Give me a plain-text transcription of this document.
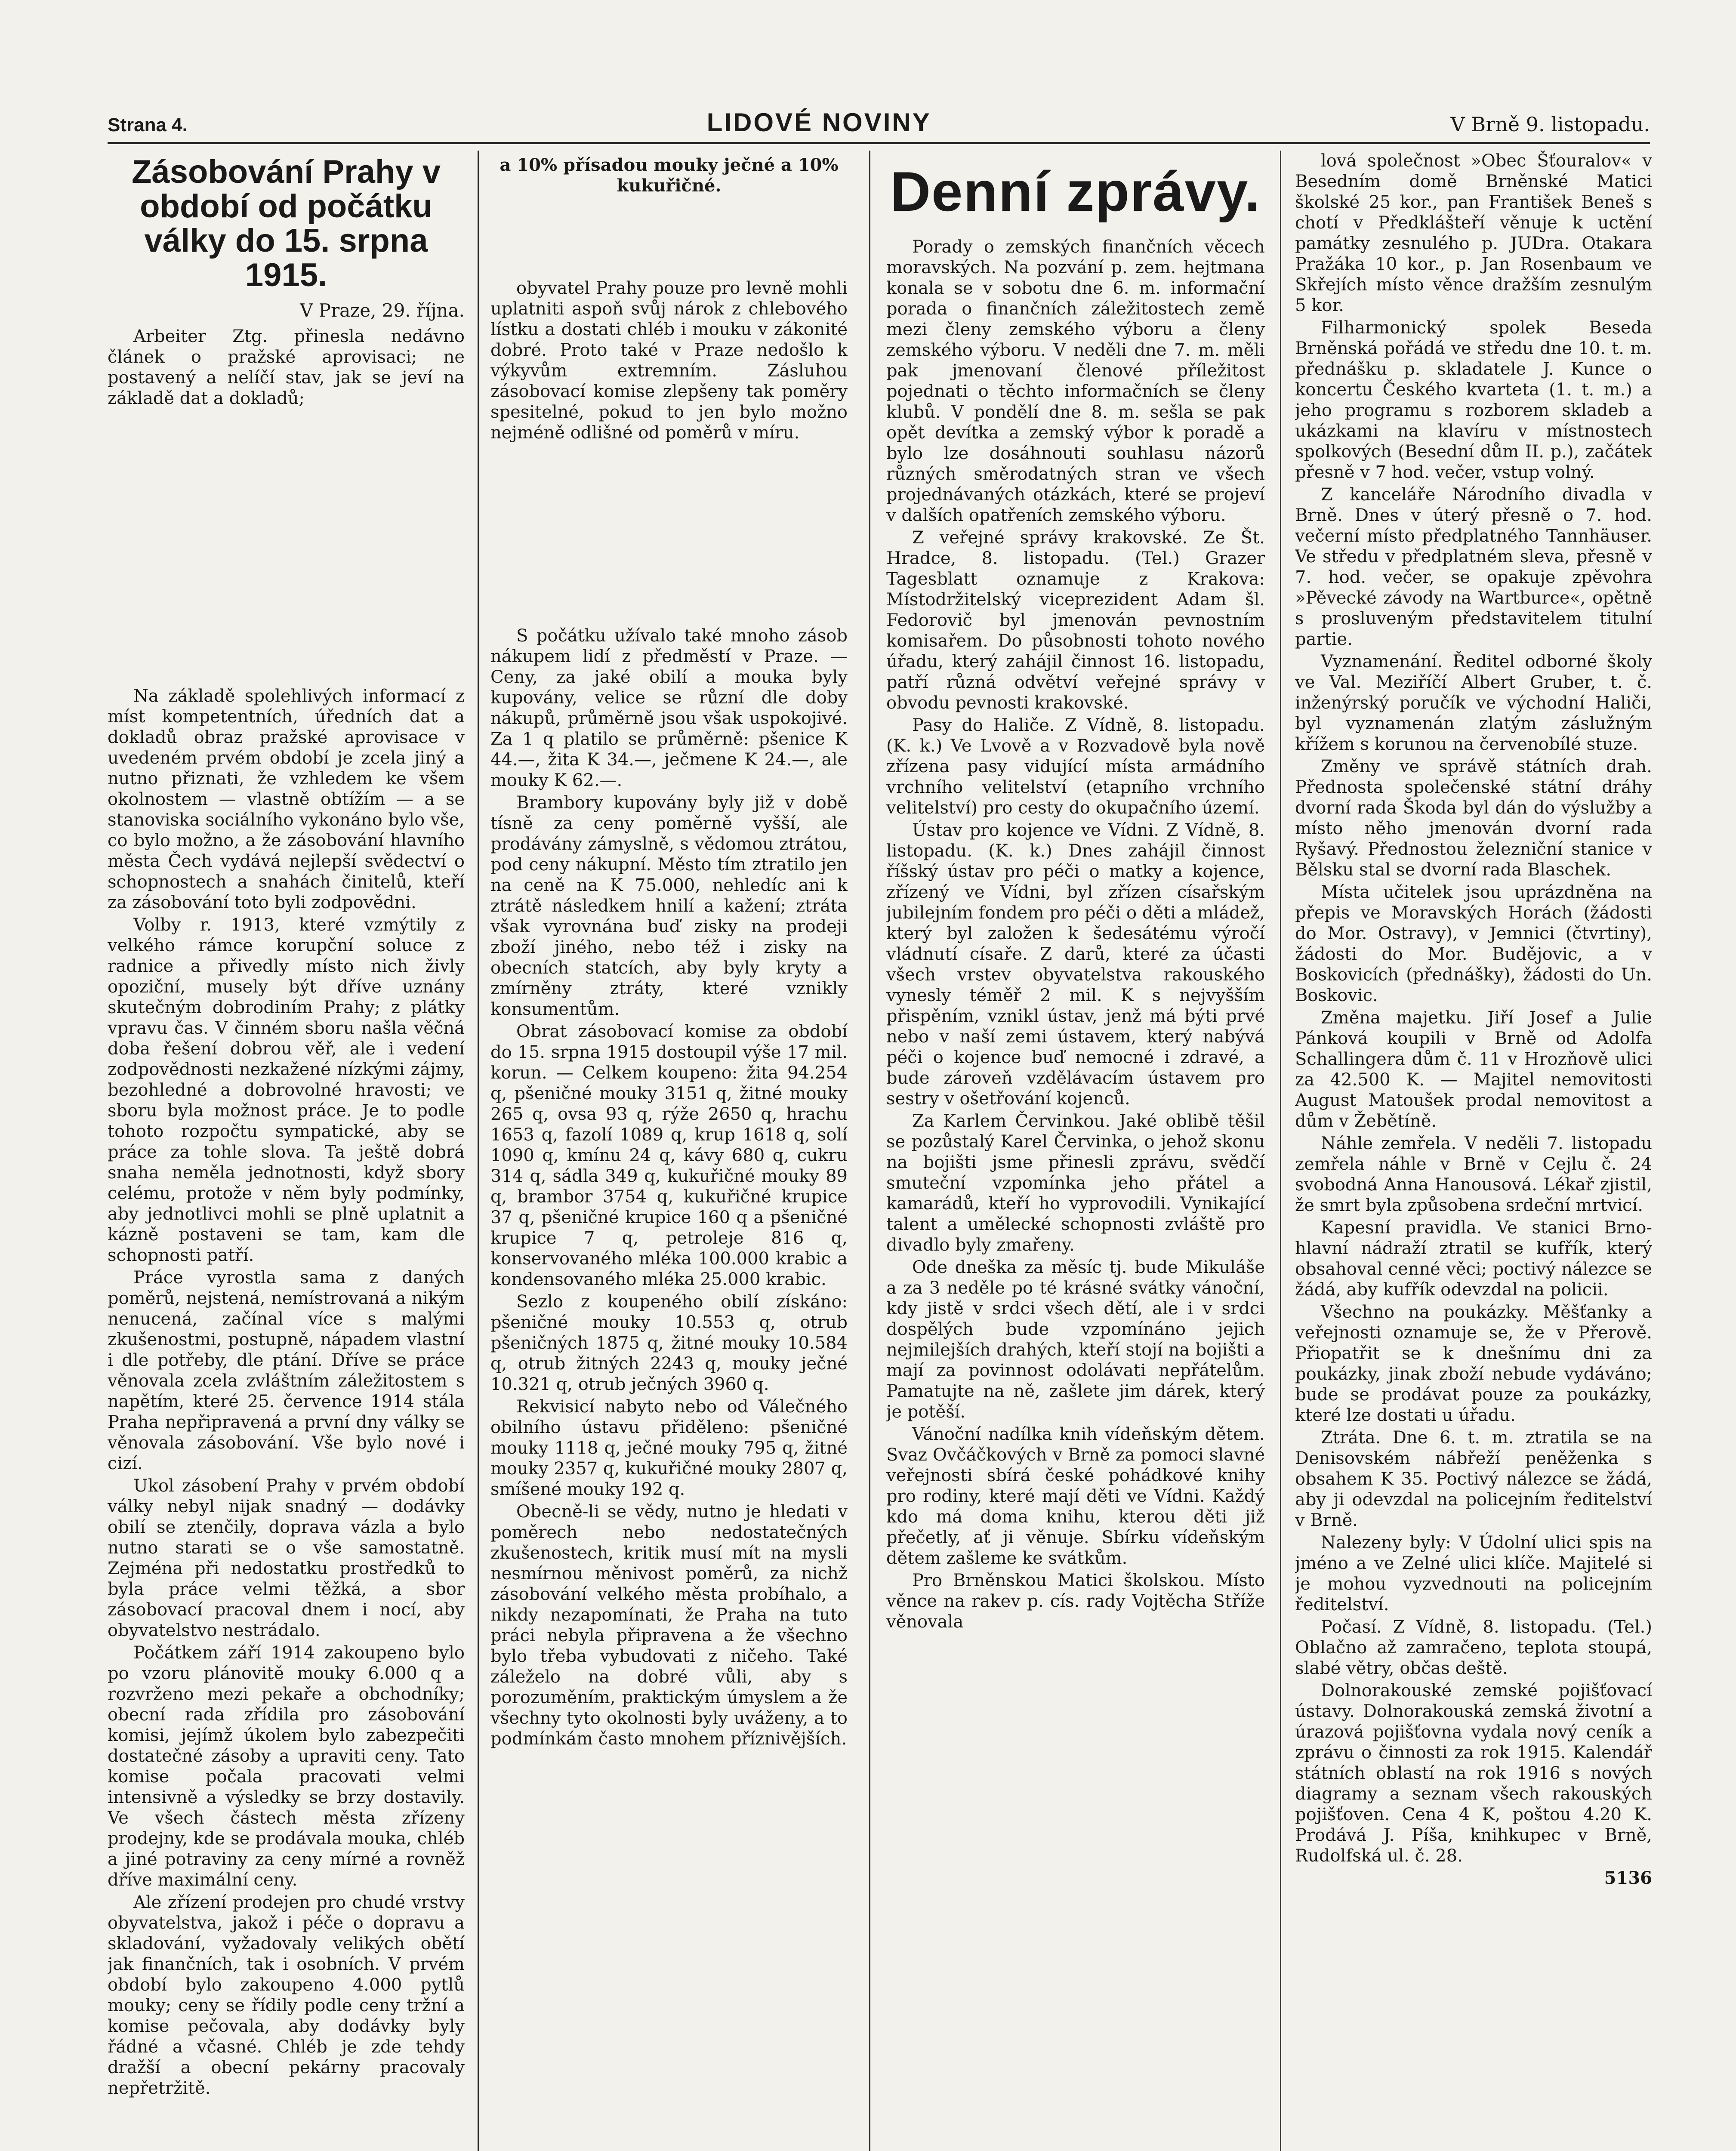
Strana 4.	LIDOVÉ NOVINY	V Brně 9. listopadu.
Zásobování Prahy v období od počátku války do 15. srpna 1915.
V Praze, 29. října.

Arbeiter Ztg. přinesla nedávno článek o pražské aprovisaci; ne postavený a nelíčí stav, jak se jeví na základě dat a dokladů;

Na základě spolehlivých informací z míst kompetentních, úředních dat a dokladů obraz pražské aprovisace v uvedeném prvém období je zcela jiný a nutno přiznati, že vzhledem ke všem okolnostem — vlastně obtížím — a se stanoviska sociálního vykonáno bylo vše, co bylo možno, a že zásobování hlavního města Čech vydává nejlepší svědectví o schopnostech a snahách činitelů, kteří za zásobování toto byli zodpovědni.

Volby r. 1913, které vzmýtily z velkého rámce korupční soluce z radnice a přivedly místo nich živly opoziční, musely být dříve uznány skutečným dobrodiním Prahy; z plátky vpravu čas. V činném sboru našla věčná doba řešení dobrou věř, ale i vedení zodpovědnosti nezkažené nízkými zájmy, bezohledné a dobrovolné hravosti; ve sboru byla možnost práce. Je to podle tohoto rozpočtu sympatické, aby se práce za tohle slova. Ta ještě dobrá snaha neměla jednotnosti, když sbory celému, protože v něm byly podmínky, aby jednotlivci mohli se plně uplatnit a kázně postaveni se tam, kam dle schopnosti patří.

Práce vyrostla sama z daných poměrů, nejstená, nemístrovaná a nikým nenucená, začínal více s malými zkušenostmi, postupně, nápadem vlastní i dle potřeby, dle ptání. Dříve se práce věnovala zcela zvláštním záležitostem s napětím, které 25. července 1914 stála Praha nepřipravená a první dny války se věnovala zásobování. Vše bylo nové i cizí.

Ukol zásobení Prahy v prvém období války nebyl nijak snadný — dodávky obilí se ztenčily, doprava vázla a bylo nutno starati se o vše samostatně. Zejména při nedostatku prostředků to byla práce velmi těžká, a sbor zásobovací pracoval dnem i nocí, aby obyvatelstvo nestrádalo.

Počátkem září 1914 zakoupeno bylo po vzoru plánovitě mouky 6.000 q a rozvrženo mezi pekaře a obchodníky; obecní rada zřídila pro zásobování komisi, jejímž úkolem bylo zabezpečiti dostatečné zásoby a upraviti ceny. Tato komise počala pracovati velmi intensivně a výsledky se brzy dostavily. Ve všech částech města zřízeny prodejny, kde se prodávala mouka, chléb a jiné potraviny za ceny mírné a rovněž dříve maximální ceny.

Ale zřízení prodejen pro chudé vrstvy obyvatelstva, jakož i péče o dopravu a skladování, vyžadovaly velikých obětí jak finančních, tak i osobních. V prvém období bylo zakoupeno 4.000 pytlů mouky; ceny se řídily podle ceny tržní a komise pečovala, aby dodávky byly řádné a včasné. Chléb je zde tehdy dražší a obecní pekárny pracovaly nepřetržitě.

a 10% přísadou mouky ječné a 10% kukuřičné.

obyvatel Prahy pouze pro levně mohli uplatniti aspoň svůj nárok z chlebového lístku a dostati chléb i mouku v zákonité dobré. Proto také v Praze nedošlo k výkyvům extremním. Zásluhou zásobovací komise zlepšeny tak poměry spesitelné, pokud to jen bylo možno nejméně odlišné od poměrů v míru.

S počátku užívalo také mnoho zásob nákupem lidí z předměstí v Praze. — Ceny, za jaké obilí a mouka byly kupovány, velice se různí dle doby nákupů, průměrně jsou však uspokojivé. Za 1 q platilo se průměrně: pšenice K 44.—, žita K 34.—, ječmene K 24.—, ale mouky K 62.—.

Brambory kupovány byly již v době tísně za ceny poměrně vyšší, ale prodávány zámyslně, s vědomou ztrátou, pod ceny nákupní. Město tím ztratilo jen na ceně na K 75.000, nehledíc ani k ztrátě následkem hnilí a kažení; ztráta však vyrovnána buď zisky na prodeji zboží jiného, nebo též i zisky na obecních statcích, aby byly kryty a zmírněny ztráty, které vznikly konsumentům.

Obrat zásobovací komise za období do 15. srpna 1915 dostoupil výše 17 mil. korun. — Celkem koupeno: žita 94.254 q, pšeničné mouky 3151 q, žitné mouky 265 q, ovsa 93 q, rýže 2650 q, hrachu 1653 q, fazolí 1089 q, krup 1618 q, solí 1090 q, kmínu 24 q, kávy 680 q, cukru 314 q, sádla 349 q, kukuřičné mouky 89 q, brambor 3754 q, kukuřičné krupice 37 q, pšeničné krupice 160 q a pšeničné krupice 7 q, petroleje 816 q, konservovaného mléka 100.000 krabic a kondensovaného mléka 25.000 krabic.

Sezlo z koupeného obilí získáno: pšeničné mouky 10.553 q, otrub pšeničných 1875 q, žitné mouky 10.584 q, otrub žitných 2243 q, mouky ječné 10.321 q, otrub ječných 3960 q.

Rekvisicí nabyto nebo od Válečného obilního ústavu přiděleno: pšeničné mouky 1118 q, ječné mouky 795 q, žitné mouky 2357 q, kukuřičné mouky 2807 q, smíšené mouky 192 q.

Obecně-li se vědy, nutno je hledati v poměrech nebo nedostatečných zkušenostech, kritik musí mít na mysli nesmírnou měnivost poměrů, za nichž zásobování velkého města probíhalo, a nikdy nezapomínati, že Praha na tuto práci nebyla připravena a že všechno bylo třeba vybudovati z ničeho. Také záleželo na dobré vůli, aby s porozuměním, praktickým úmyslem a že všechny tyto okolnosti byly uváženy, a to podmínkám často mnohem příznivějších.

Denní zprávy.

Porady o zemských finančních věcech moravských. Na pozvání p. zem. hejtmana konala se v sobotu dne 6. m. informační porada o finančních záležitostech země mezi členy zemského výboru a členy zemského výboru. V neděli dne 7. m. měli pak jmenovaní členové příležitost pojednati o těchto informačních se členy klubů. V pondělí dne 8. m. sešla se pak opět devítka a zemský výbor k poradě a bylo lze dosáhnouti souhlasu názorů různých směrodatných stran ve všech projednávaných otázkách, které se projeví v dalších opatřeních zemského výboru.

Z veřejné správy krakovské. Ze Št. Hradce, 8. listopadu. (Tel.) Grazer Tagesblatt oznamuje z Krakova: Místodržitelský viceprezident Adam šl. Fedorovič byl jmenován pevnostním komisařem. Do působnosti tohoto nového úřadu, který zahájil činnost 16. listopadu, patří různá odvětví veřejné správy v obvodu pevnosti krakovské.

Pasy do Haliče. Z Vídně, 8. listopadu. (K. k.) Ve Lvově a v Rozvadově byla nově zřízena pasy vidující místa armádního vrchního velitelství (etapního vrchního velitelství) pro cesty do okupačního území.

Ústav pro kojence ve Vídni. Z Vídně, 8. listopadu. (K. k.) Dnes zahájil činnost říšský ústav pro péči o matky a kojence, zřízený ve Vídni, byl zřízen císařským jubilejním fondem pro péči o děti a mládež, který byl založen k šedesátému výročí vládnutí císaře. Z darů, které za účasti všech vrstev obyvatelstva rakouského vynesly téměř 2 mil. K s nejvyšším přispěním, vznikl ústav, jenž má býti prvé nebo v naší zemi ústavem, který nabývá péči o kojence buď nemocné i zdravé, a bude zároveň vzdělávacím ústavem pro sestry v ošetřování kojenců.

Za Karlem Červinkou. Jaké oblibě těšil se pozůstalý Karel Červinka, o jehož skonu na bojišti jsme přinesli zprávu, svědčí smuteční vzpomínka jeho přátel a kamarádů, kteří ho vyprovodili. Vynikající talent a umělecké schopnosti zvláště pro divadlo byly zmařeny.

Ode dneška za měsíc tj. bude Mikuláše a za 3 neděle po té krásné svátky vánoční, kdy jistě v srdci všech dětí, ale i v srdci dospělých bude vzpomínáno jejich nejmilejších drahých, kteří stojí na bojišti a mají za povinnost odolávati nepřátelům. Pamatujte na ně, zašlete jim dárek, který je potěší.

Vánoční nadílka knih vídeňským dětem. Svaz Ovčáčkových v Brně za pomoci slavné veřejnosti sbírá české pohádkové knihy pro rodiny, které mají děti ve Vídni. Každý kdo má doma knihu, kterou děti již přečetly, ať ji věnuje. Sbírku vídeňským dětem zašleme ke svátkům.

Pro Brněnskou Matici školskou. Místo věnce na rakev p. cís. rady Vojtěcha Stříže věnovala

lová společnost »Obec Šťouralov« v Besedním domě Brněnské Matici školské 25 kor., pan František Beneš s chotí v Předklášteří věnuje k uctění památky zesnulého p. JUDra. Otakara Pražáka 10 kor., p. Jan Rosenbaum ve Skřejích místo věnce dražším zesnulým 5 kor.

Filharmonický spolek Beseda Brněnská pořádá ve středu dne 10. t. m. přednášku p. skladatele J. Kunce o koncertu Českého kvarteta (1. t. m.) a jeho programu s rozborem skladeb a ukázkami na klavíru v místnostech spolkových (Besední dům II. p.), začátek přesně v 7 hod. večer, vstup volný.

Z kanceláře Národního divadla v Brně. Dnes v úterý přesně o 7. hod. večerní místo předplatného Tannhäuser. Ve středu v předplatném sleva, přesně v 7. hod. večer, se opakuje zpěvohra »Pěvecké závody na Wartburce«, opětně s prosluveným představitelem titulní partie.

Vyznamenání. Ředitel odborné školy ve Val. Meziříčí Albert Gruber, t. č. inženýrský poručík ve východní Haliči, byl vyznamenán zlatým záslužným křížem s korunou na červenobílé stuze.

Změny ve správě státních drah. Přednosta společenské státní dráhy dvorní rada Škoda byl dán do výslužby a místo něho jmenován dvorní rada Ryšavý. Přednostou železniční stanice v Bělsku stal se dvorní rada Blaschek.

Místa učitelek jsou uprázdněna na přepis ve Moravských Horách (žádosti do Mor. Ostravy), v Jemnici (čtvrtiny), žádosti do Mor. Budějovic, a v Boskovicích (přednášky), žádosti do Un. Boskovic.

Změna majetku. Jiří Josef a Julie Pánková koupili v Brně od Adolfa Schallingera dům č. 11 v Hrozňově ulici za 42.500 K. — Majitel nemovitosti August Matoušek prodal nemovitost a dům v Žebětíně.

Náhle zemřela. V neděli 7. listopadu zemřela náhle v Brně v Cejlu č. 24 svobodná Anna Hanousová. Lékař zjistil, že smrt byla způsobena srdeční mrtvicí.

Kapesní pravidla. Ve stanici Brno-hlavní nádraží ztratil se kufřík, který obsahoval cenné věci; poctivý nálezce se žádá, aby kufřík odevzdal na policii.

Všechno na poukázky. Měšťanky a veřejnosti oznamuje se, že v Přerově. Přiopatřit se k dnešnímu dni za poukázky, jinak zboží nebude vydáváno; bude se prodávat pouze za poukázky, které lze dostati u úřadu.

Ztráta. Dne 6. t. m. ztratila se na Denisovském nábřeží peněženka s obsahem K 35. Poctivý nálezce se žádá, aby ji odevzdal na policejním ředitelství v Brně.

Nalezeny byly: V Údolní ulici spis na jméno a ve Zelné ulici klíče. Majitelé si je mohou vyzvednouti na policejním ředitelství.

Počasí. Z Vídně, 8. listopadu. (Tel.) Oblačno až zamračeno, teplota stoupá, slabé větry, občas deště.

Dolnorakouské zemské pojišťovací ústavy. Dolnorakouská zemská životní a úrazová pojišťovna vydala nový ceník a zprávu o činnosti za rok 1915. Kalendář státních oblastí na rok 1916 s nových diagramy a seznam všech rakouských pojišťoven. Cena 4 K, poštou 4.20 K. Prodává J. Píša, knihkupec v Brně, Rudolfská ul. č. 28.

5136
